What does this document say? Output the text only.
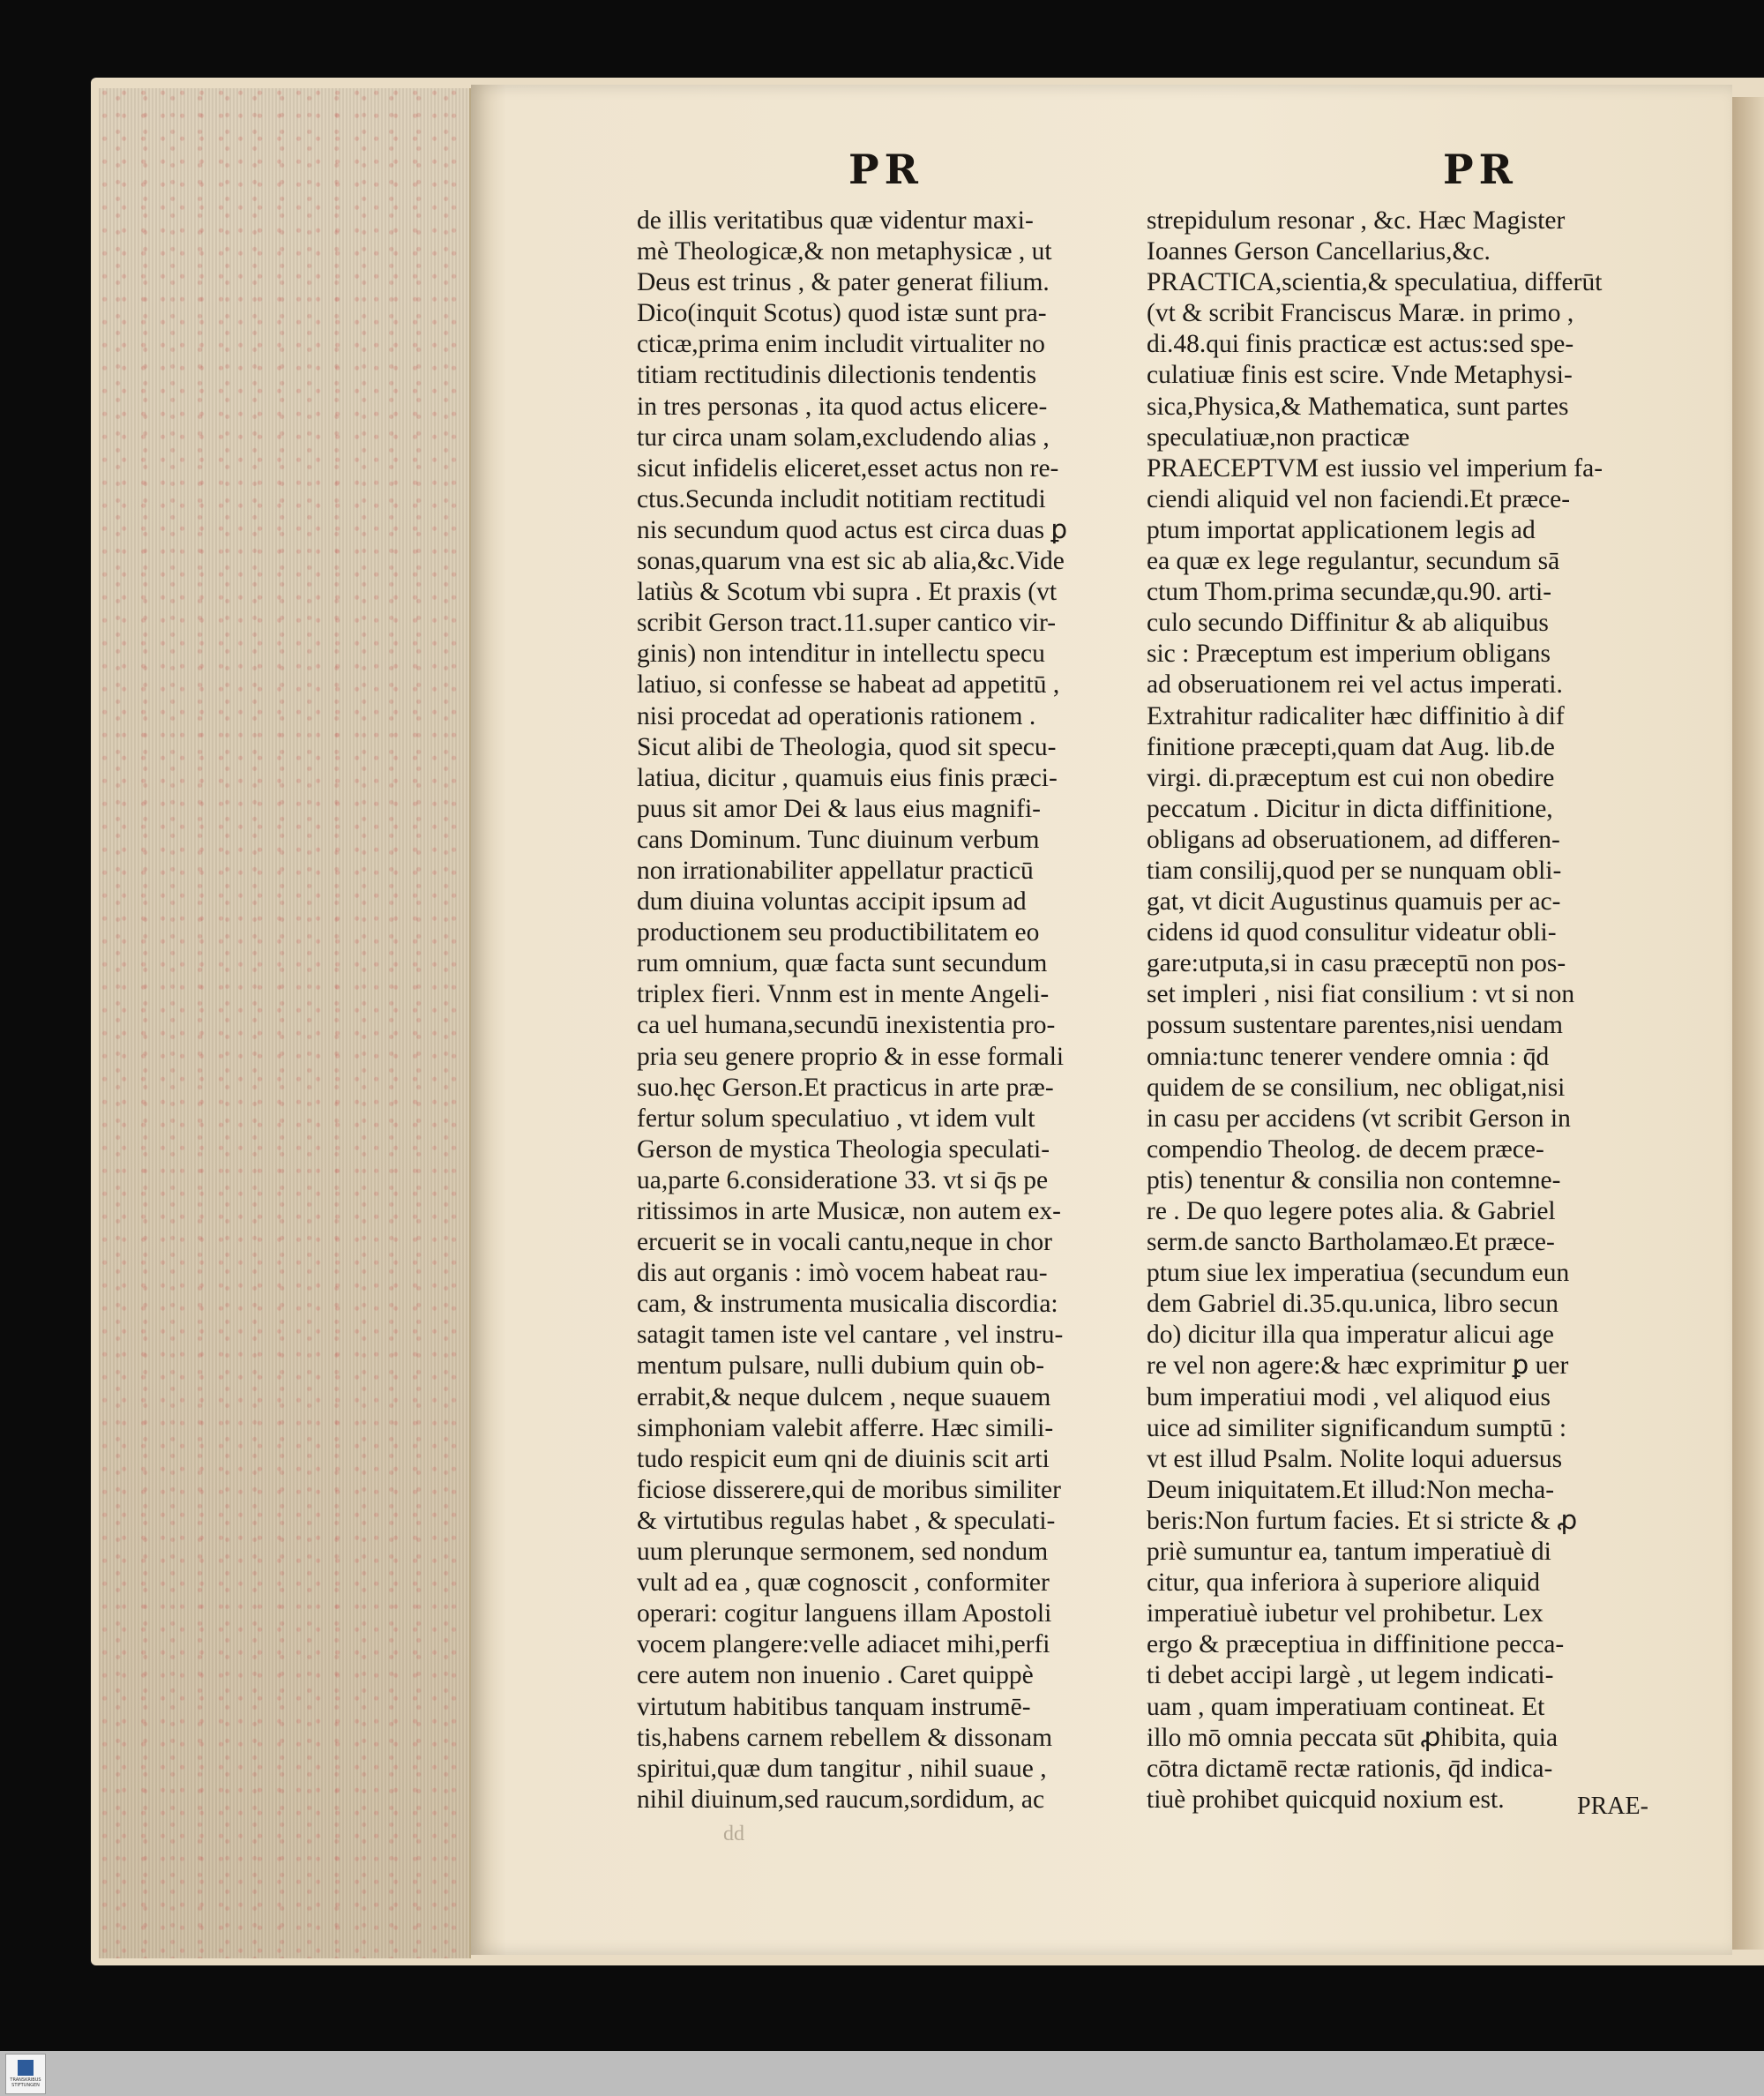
PR	PR
de illis veritatibus quæ videntur maxi-
mè Theologicæ,& non metaphysicæ , ut
Deus est trinus , & pater generat filium.
Dico(inquit Scotus) quod istæ sunt pra-
cticæ,prima enim includit virtualiter no
titiam rectitudinis dilectionis tendentis
in tres personas , ita quod actus elicere-
tur circa unam solam,excludendo alias ,
sicut infidelis eliceret,esset actus non re-
ctus.Secunda includit notitiam rectitudi
nis secundum quod actus est circa duas ꝑ
sonas,quarum vna est sic ab alia,&c.Vide
latiùs & Scotum vbi supra . Et praxis (vt
scribit Gerson tract.11.super cantico vir-
ginis) non intenditur in intellectu specu
latiuo, si confesse se habeat ad appetitū ,
nisi procedat ad operationis rationem .
Sicut alibi de Theologia, quod sit specu-
latiua, dicitur , quamuis eius finis præci-
puus sit amor Dei & laus eius magnifi-
cans Dominum. Tunc diuinum verbum
non irrationabiliter appellatur practicū
dum diuina voluntas accipit ipsum ad
productionem seu productibilitatem eo
rum omnium, quæ facta sunt secundum
triplex fieri. Vnnm est in mente Angeli-
ca uel humana,secundū inexistentia pro-
pria seu genere proprio & in esse formali
suo.hęc Gerson.Et practicus in arte præ-
fertur solum speculatiuo , vt idem vult
Gerson de mystica Theologia speculati-
ua,parte 6.consideratione 33. vt si q̄s pe
ritissimos in arte Musicæ, non autem ex-
ercuerit se in vocali cantu,neque in chor
dis aut organis : imò vocem habeat rau-
cam, & instrumenta musicalia discordia:
satagit tamen iste vel cantare , vel instru-
mentum pulsare, nulli dubium quin ob-
errabit,& neque dulcem , neque suauem
simphoniam valebit afferre. Hæc simili-
tudo respicit eum qni de diuinis scit arti
ficiose disserere,qui de moribus similiter
& virtutibus regulas habet , & speculati-
uum plerunque sermonem, sed nondum
vult ad ea , quæ cognoscit , conformiter
operari: cogitur languens illam Apostoli
vocem plangere:velle adiacet mihi,perfi
cere autem non inuenio . Caret quippè
virtutum habitibus tanquam instrumē-
tis,habens carnem rebellem & dissonam
spiritui,quæ dum tangitur , nihil suaue ,
nihil diuinum,sed raucum,sordidum, ac
strepidulum resonar , &c. Hæc Magister
Ioannes Gerson Cancellarius,&c.
PRACTICA,scientia,& speculatiua, differūt
(vt & scribit Franciscus Maræ. in primo ,
di.48.qui finis practicæ est actus:sed spe-
culatiuæ finis est scire. Vnde Metaphysi-
sica,Physica,& Mathematica, sunt partes
speculatiuæ,non practicæ
PRAECEPTVM est iussio vel imperium fa-
ciendi aliquid vel non faciendi.Et præce-
ptum importat applicationem legis ad
ea quæ ex lege regulantur, secundum sā
ctum Thom.prima secundæ,qu.90. arti-
culo secundo Diffinitur & ab aliquibus
sic : Præceptum est imperium obligans
ad obseruationem rei vel actus imperati.
Extrahitur radicaliter hæc diffinitio à dif
finitione præcepti,quam dat Aug. lib.de
virgi. di.præceptum est cui non obedire
peccatum . Dicitur in dicta diffinitione,
obligans ad obseruationem, ad differen-
tiam consilij,quod per se nunquam obli-
gat, vt dicit Augustinus quamuis per ac-
cidens id quod consulitur videatur obli-
gare:utputa,si in casu præceptū non pos-
set impleri , nisi fiat consilium : vt si non
possum sustentare parentes,nisi uendam
omnia:tunc tenerer vendere omnia : q̄d
quidem de se consilium, nec obligat,nisi
in casu per accidens (vt scribit Gerson in
compendio Theolog. de decem præce-
ptis) tenentur & consilia non contemne-
re . De quo legere potes alia. & Gabriel
serm.de sancto Bartholamæo.Et præce-
ptum siue lex imperatiua (secundum eun
dem Gabriel di.35.qu.unica, libro secun
do) dicitur illa qua imperatur alicui age
re vel non agere:& hæc exprimitur ꝑ uer
bum imperatiui modi , vel aliquod eius
uice ad similiter significandum sumptū :
vt est illud Psalm. Nolite loqui aduersus
Deum iniquitatem.Et illud:Non mecha-
beris:Non furtum facies. Et si stricte & ꝓ
priè sumuntur ea, tantum imperatiuè di
citur, qua inferiora à superiore aliquid
imperatiuè iubetur vel prohibetur. Lex
ergo & præceptiua in diffinitione pecca-
ti debet accipi largè , ut legem indicati-
uam , quam imperatiuam contineat. Et
illo mō omnia peccata sūt ꝓhibita, quia
cōtra dictamē rectæ rationis, q̄d indica-
tiuè prohibet quicquid noxium est.	PRAE-
dd
TRANSKRIBUS
STIFTUNGEN
